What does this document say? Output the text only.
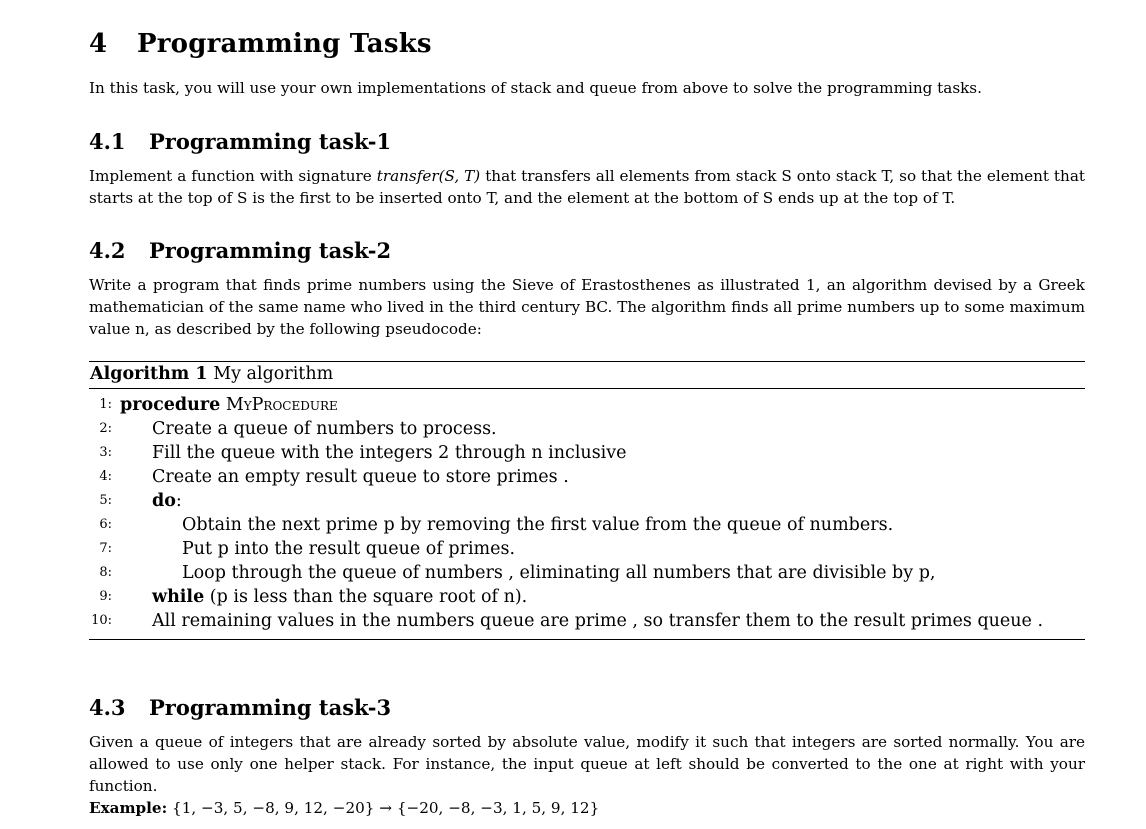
4 Programming Tasks

In this task, you will use your own implementations of stack and queue from above to solve the programming tasks.

4.1 Programming task-1

Implement a function with signature transfer(S, T) that transfers all elements from stack S onto stack T, so that the element that starts at the top of S is the first to be inserted onto T, and the element at the bottom of S ends up at the top of T.

4.2 Programming task-2

Write a program that finds prime numbers using the Sieve of Erastosthenes as illustrated 1, an algorithm devised by a Greek mathematician of the same name who lived in the third century BC. The algorithm finds all prime numbers up to some maximum value n, as described by the following pseudocode:

Algorithm 1 My algorithm
1: procedure MyProcedure
2:	Create a queue of numbers to process.
3:	Fill the queue with the integers 2 through n inclusive
4:	Create an empty result queue to store primes .
5:	do:
6:	Obtain the next prime p by removing the first value from the queue of numbers.
7:	Put p into the result queue of primes.
8:	Loop through the queue of numbers , eliminating all numbers that are divisible by p,
9:	while (p is less than the square root of n).
10:	All remaining values in the numbers queue are prime , so transfer them to the result primes queue .
4.3 Programming task-3

Given a queue of integers that are already sorted by absolute value, modify it such that integers are sorted normally. You are allowed to use only one helper stack. For instance, the input queue at left should be converted to the one at right with your function.

Example: {1, −3, 5, −8, 9, 12, −20} → {−20, −8, −3, 1, 5, 9, 12}
